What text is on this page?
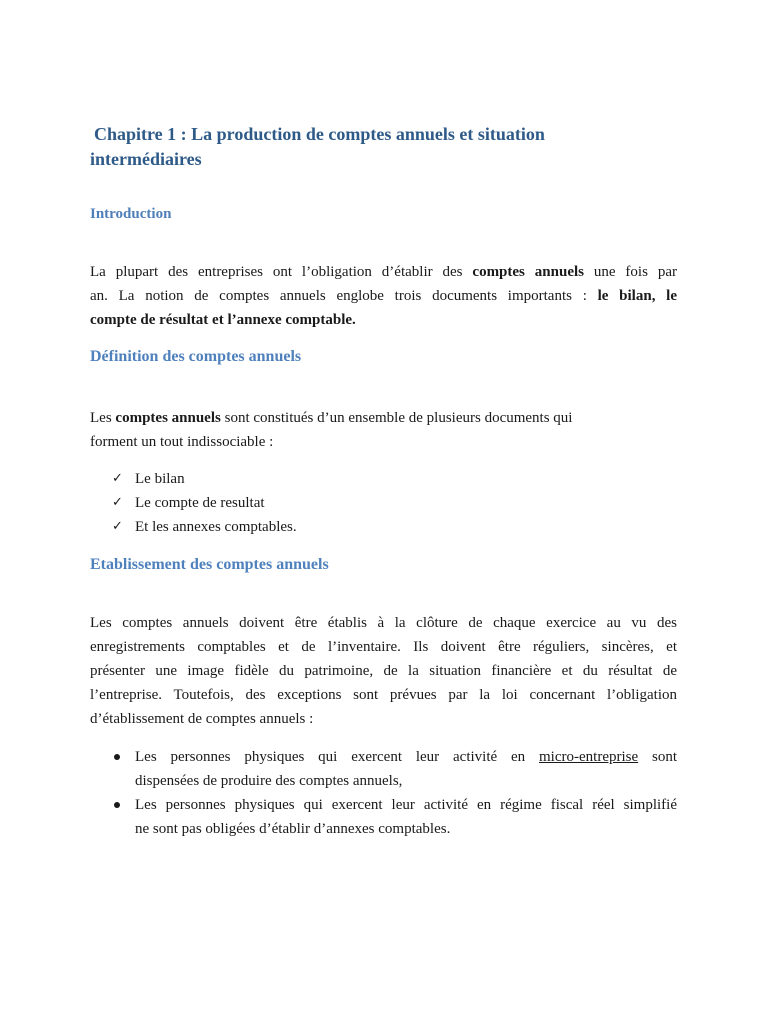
Chapitre 1 : La production de comptes annuels et situation
intermédiaires
Introduction

La plupart des entreprises ont l’obligation d’établir des comptes annuels une fois par
an. La notion de comptes annuels englobe trois documents importants : le bilan, le
compte de résultat et l’annexe comptable.

Définition des comptes annuels

Les comptes annuels sont constitués d’un ensemble de plusieurs documents qui
forment un tout indissociable :

✓ Le bilan
✓ Le compte de resultat
✓ Et les annexes comptables.
Etablissement des comptes annuels

Les comptes annuels doivent être établis à la clôture de chaque exercice au vu des
enregistrements comptables et de l’inventaire. Ils doivent être réguliers, sincères, et
présenter une image fidèle du patrimoine, de la situation financière et du résultat de
l’entreprise. Toutefois, des exceptions sont prévues par la loi concernant l’obligation
d’établissement de comptes annuels :

Les personnes physiques qui exercent leur activité en micro-entreprise sont
dispensées de produire des comptes annuels,
Les personnes physiques qui exercent leur activité en régime fiscal réel simplifié
ne sont pas obligées d’établir d’annexes comptables.
